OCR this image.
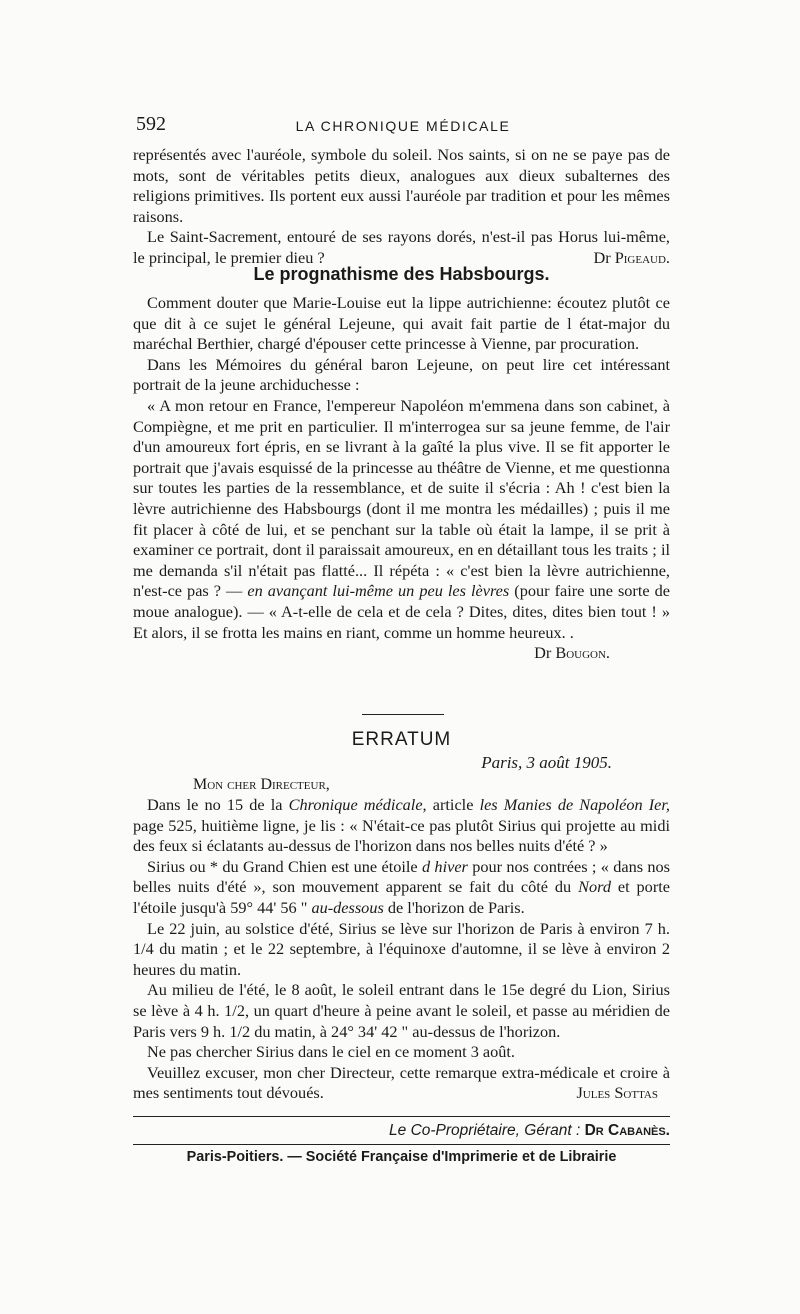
592	LA CHRONIQUE MÉDICALE

représentés avec l'auréole, symbole du soleil. Nos saints, si on ne se paye pas de mots, sont de véritables petits dieux, analogues aux dieux subalternes des religions primitives. Ils portent eux aussi l'auréole par tradition et pour les mêmes raisons.

Le Saint-Sacrement, entouré de ses rayons dorés, n'est-il pas Horus lui-même, le principal, le premier dieu ?	Dr Pigeaud.

Le prognathisme des Habsbourgs.

Comment douter que Marie-Louise eut la lippe autrichienne: écoutez plutôt ce que dit à ce sujet le général Lejeune, qui avait fait partie de l état-major du maréchal Berthier, chargé d'épouser cette princesse à Vienne, par procuration.

Dans les Mémoires du général baron Lejeune, on peut lire cet intéressant portrait de la jeune archiduchesse :

« A mon retour en France, l'empereur Napoléon m'emmena dans son cabinet, à Compiègne, et me prit en particulier. Il m'interrogea sur sa jeune femme, de l'air d'un amoureux fort épris, en se livrant à la gaîté la plus vive. Il se fit apporter le portrait que j'avais esquissé de la princesse au théâtre de Vienne, et me questionna sur toutes les parties de la ressemblance, et de suite il s'écria : Ah ! c'est bien la lèvre autrichienne des Habsbourgs (dont il me montra les médailles) ; puis il me fit placer à côté de lui, et se penchant sur la table où était la lampe, il se prit à examiner ce portrait, dont il paraissait amoureux, en en détaillant tous les traits ; il me demanda s'il n'était pas flatté... Il répéta : « c'est bien la lèvre autrichienne, n'est-ce pas ? — en avançant lui-même un peu les lèvres (pour faire une sorte de moue analogue). — « A-t-elle de cela et de cela ? Dites, dites, dites bien tout ! » Et alors, il se frotta les mains en riant, comme un homme heureux. .

Dr Bougon.
ERRATUM
Paris, 3 août 1905.
Mon cher Directeur,

Dans le no 15 de la Chronique médicale, article les Manies de Napoléon Ier, page 525, huitième ligne, je lis : « N'était-ce pas plutôt Sirius qui projette au midi des feux si éclatants au-dessus de l'horizon dans nos belles nuits d'été ? »

Sirius ou * du Grand Chien est une étoile d hiver pour nos contrées ; « dans nos belles nuits d'été », son mouvement apparent se fait du côté du Nord et porte l'étoile jusqu'à 59° 44' 56 " au-dessous de l'horizon de Paris.

Le 22 juin, au solstice d'été, Sirius se lève sur l'horizon de Paris à environ 7 h. 1/4 du matin ; et le 22 septembre, à l'équinoxe d'automne, il se lève à environ 2 heures du matin.

Au milieu de l'été, le 8 août, le soleil entrant dans le 15e degré du Lion, Sirius se lève à 4 h. 1/2, un quart d'heure à peine avant le soleil, et passe au méridien de Paris vers 9 h. 1/2 du matin, à 24° 34' 42 " au-dessus de l'horizon.

Ne pas chercher Sirius dans le ciel en ce moment 3 août.

Veuillez excuser, mon cher Directeur, cette remarque extra-médicale et croire à mes sentiments tout dévoués.	Jules Sottas

Le Co-Propriétaire, Gérant : Dr Cabanès.
Paris-Poitiers. — Société Française d'Imprimerie et de Librairie
